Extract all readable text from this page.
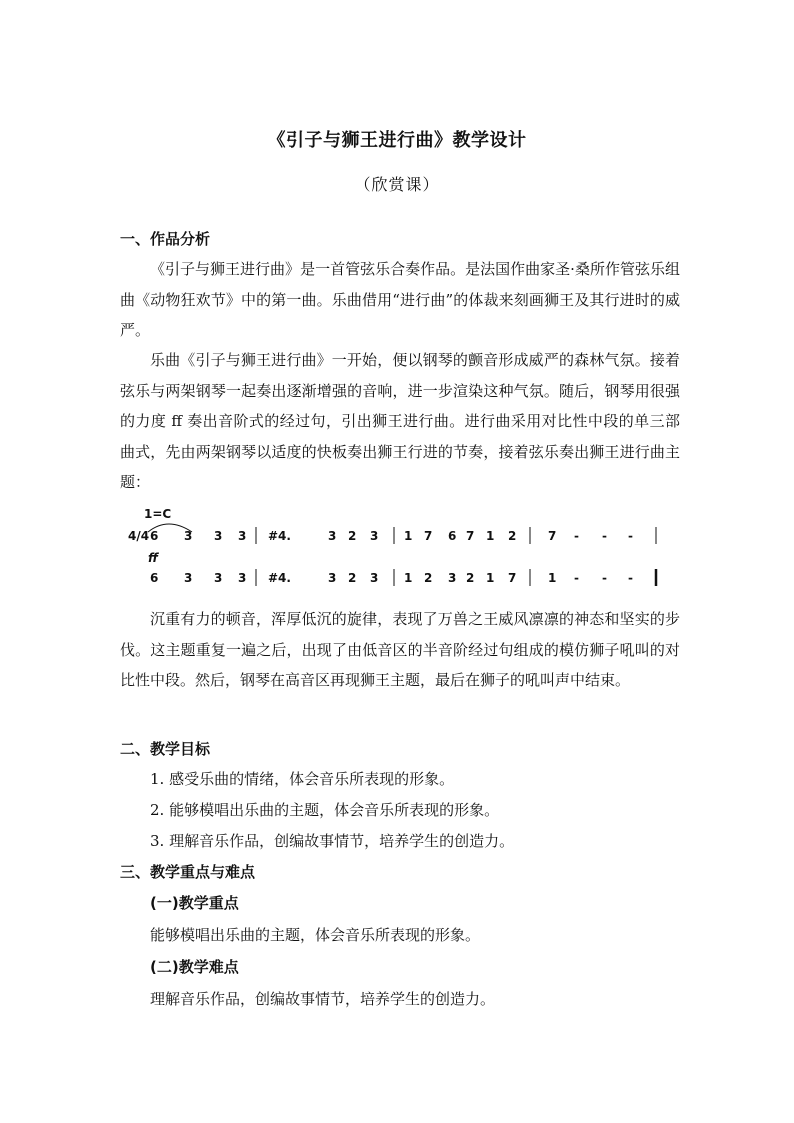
《引子与狮王进行曲》教学设计
（欣赏课）
一、作品分析
《引子与狮王进行曲》是一首管弦乐合奏作品。是法国作曲家圣·桑所作管弦乐组曲《动物狂欢节》中的第一曲。乐曲借用“进行曲”的体裁来刻画狮王及其行进时的威严。
乐曲《引子与狮王进行曲》一开始，便以钢琴的颤音形成威严的森林气氛。接着弦乐与两架钢琴一起奏出逐渐增强的音响，进一步渲染这种气氛。随后，钢琴用很强的力度 ff 奏出音阶式的经过句，引出狮王进行曲。进行曲采用对比性中段的单三部曲式，先由两架钢琴以适度的快板奏出狮王行进的节奏，接着弦乐奏出狮王进行曲主题：
1=C
4/4
ff
6 3 3 3 #4.	3 2 3 1 7 6 7 1 2	7 - - -
6 3 3 3 #4.	3 2 3 1 2 3 2 1 7	1 - - -
沉重有力的顿音，浑厚低沉的旋律，表现了万兽之王威风凛凛的神态和坚实的步伐。这主题重复一遍之后，出现了由低音区的半音阶经过句组成的模仿狮子吼叫的对比性中段。然后，钢琴在高音区再现狮王主题，最后在狮子的吼叫声中结束。
二、教学目标
1. 感受乐曲的情绪，体会音乐所表现的形象。
2. 能够模唱出乐曲的主题，体会音乐所表现的形象。
3. 理解音乐作品，创编故事情节，培养学生的创造力。
三、教学重点与难点
(一)教学重点
能够模唱出乐曲的主题，体会音乐所表现的形象。
(二)教学难点
理解音乐作品，创编故事情节，培养学生的创造力。
